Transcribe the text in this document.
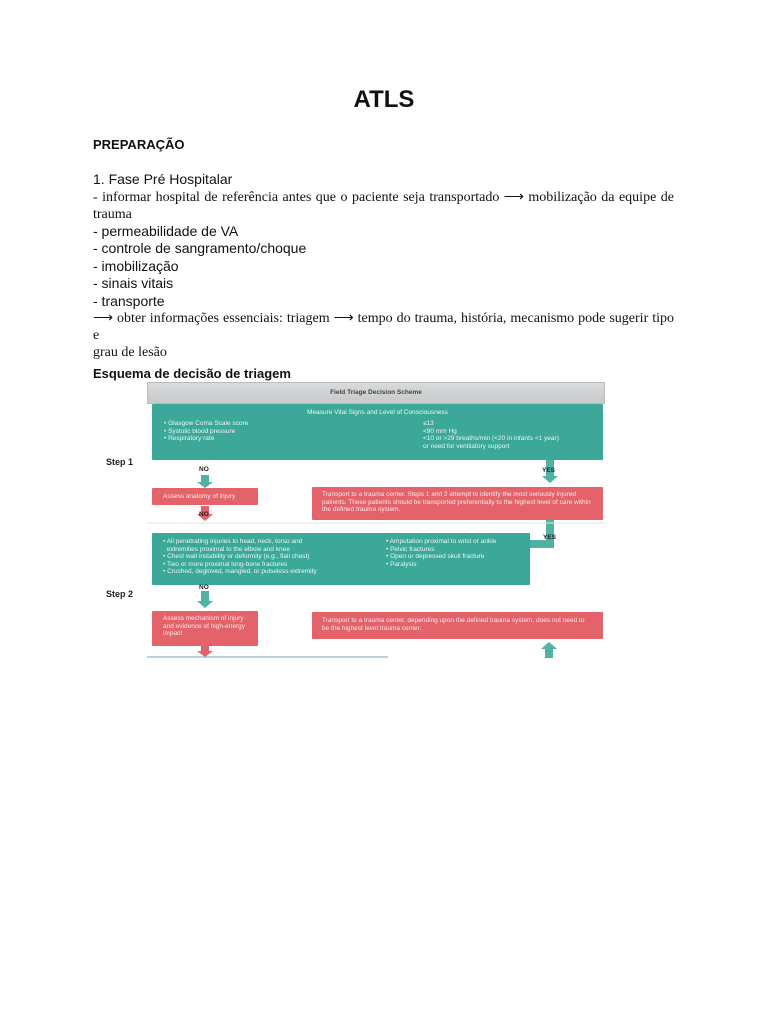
ATLS
PREPARAÇÃO
1. Fase Pré Hospitalar
- informar hospital de referência antes que o paciente seja transportado ⟶ mobilização da equipe de
trauma
- permeabilidade de VA
- controle de sangramento/choque
- imobilização
- sinais vitais
- transporte
⟶ obter informações essenciais: triagem ⟶ tempo do trauma, história, mecanismo pode sugerir tipo e
grau de lesão
Esquema de decisão de triagem
Field Triage Decision Scheme
Step 1
Step 2
Measure Vital Signs and Level of Consciousness
• Glasgow Coma Scale score
• Systolic blood pressure
• Respiratory rate
≤13
<90 mm Hg
<10 or >29 breaths/min (<20 in infants <1 year)
or need for ventilatory support
NO	YES
Assess anatomy of injury	Transport to a trauma center. Steps 1 and 2 attempt to identify the most seriously injured patients. These patients should be transported preferentially to the highest level of care within the defined trauma system.
NO
YES
• All penetrating injuries to head, neck, torso and
extremities proximal to the elbow and knee
• Chest wall instability or deformity (e.g., flail chest)
• Two or more proximal long-bone fractures
• Crushed, degloved, mangled, or pulseless extremity
• Amputation proximal to wrist or ankle
• Pelvic fractures
• Open or depressed skull fracture
• Paralysis
NO
Assess mechanism of injury and evidence of high-energy impact
Transport to a trauma center, depending upon the defined trauma system, does not need to be the highest level trauma center.
